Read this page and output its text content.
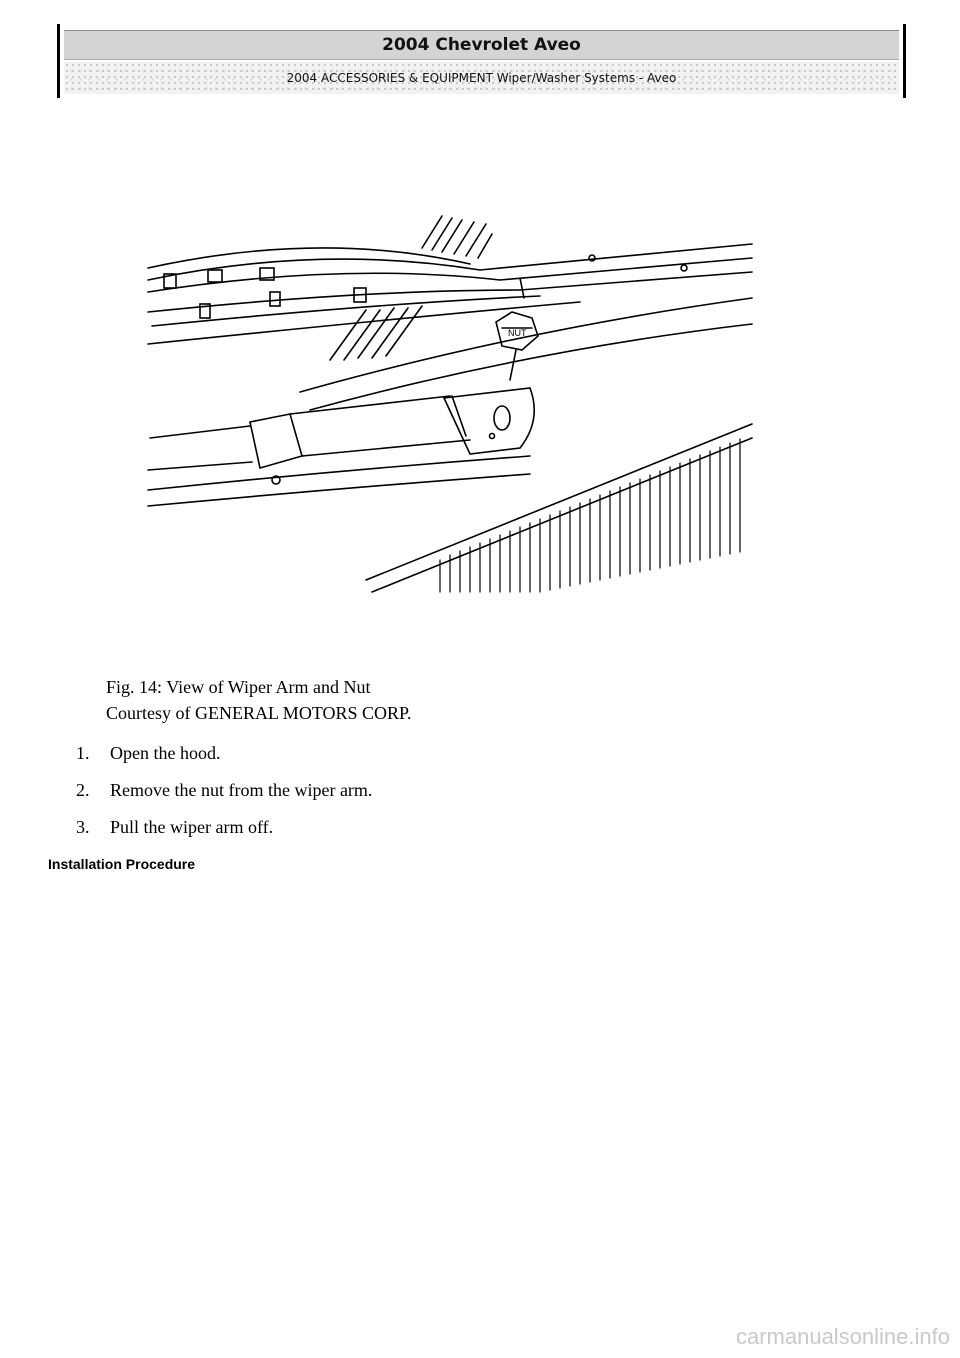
2004 Chevrolet Aveo
2004 ACCESSORIES & EQUIPMENT Wiper/Washer Systems - Aveo
NUT
Fig. 14: View of Wiper Arm and Nut
Courtesy of GENERAL MOTORS CORP.
1.	Open the hood.
2.	Remove the nut from the wiper arm.
3.	Pull the wiper arm off.
Installation Procedure
carmanualsonline.info
